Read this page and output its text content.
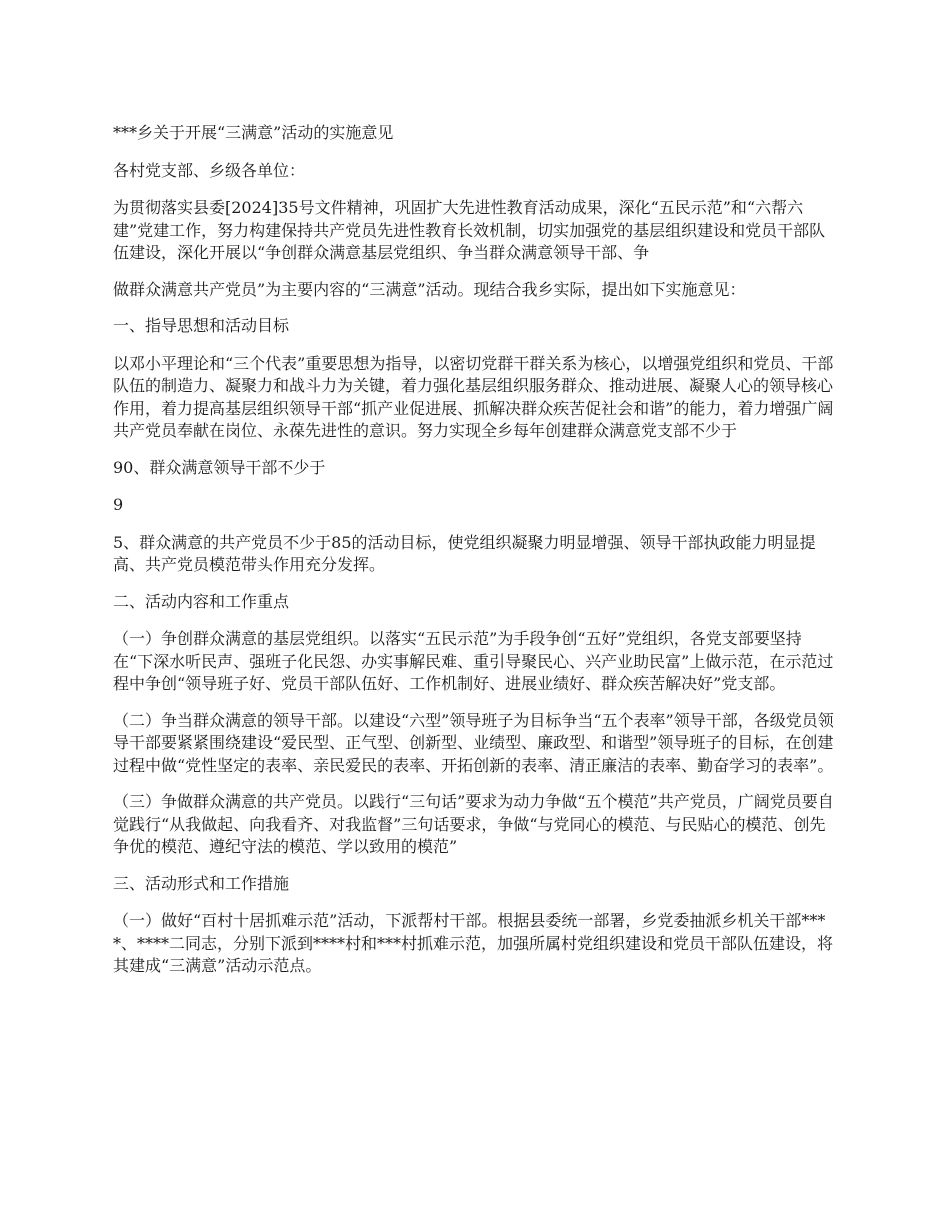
***乡关于开展“三满意”活动的实施意见

各村党支部、乡级各单位：

为贯彻落实县委[2024]35号文件精神，巩固扩大先进性教育活动成果，深化“五民示范”和“六帮六建”党建工作，努力构建保持共产党员先进性教育长效机制，切实加强党的基层组织建设和党员干部队伍建设，深化开展以“争创群众满意基层党组织、争当群众满意领导干部、争

做群众满意共产党员”为主要内容的“三满意”活动。现结合我乡实际，提出如下实施意见：

一、指导思想和活动目标

以邓小平理论和“三个代表”重要思想为指导，以密切党群干群关系为核心，以增强党组织和党员、干部队伍的制造力、凝聚力和战斗力为关键，着力强化基层组织服务群众、推动进展、凝聚人心的领导核心作用，着力提高基层组织领导干部“抓产业促进展、抓解决群众疾苦促社会和谐”的能力，着力增强广阔共产党员奉献在岗位、永葆先进性的意识。努力实现全乡每年创建群众满意党支部不少于

90、群众满意领导干部不少于

9

5、群众满意的共产党员不少于85的活动目标，使党组织凝聚力明显增强、领导干部执政能力明显提高、共产党员模范带头作用充分发挥。

二、活动内容和工作重点

（一）争创群众满意的基层党组织。以落实“五民示范”为手段争创“五好”党组织，各党支部要坚持在“下深水听民声、强班子化民怨、办实事解民难、重引导聚民心、兴产业助民富”上做示范，在示范过程中争创“领导班子好、党员干部队伍好、工作机制好、进展业绩好、群众疾苦解决好”党支部。

（二）争当群众满意的领导干部。以建设“六型”领导班子为目标争当“五个表率”领导干部，各级党员领导干部要紧紧围绕建设“爱民型、正气型、创新型、业绩型、廉政型、和谐型”领导班子的目标，在创建过程中做“党性坚定的表率、亲民爱民的表率、开拓创新的表率、清正廉洁的表率、勤奋学习的表率”。

（三）争做群众满意的共产党员。以践行“三句话”要求为动力争做“五个模范”共产党员，广阔党员要自觉践行“从我做起、向我看齐、对我监督”三句话要求，争做“与党同心的模范、与民贴心的模范、创先争优的模范、遵纪守法的模范、学以致用的模范”

三、活动形式和工作措施

（一）做好“百村十居抓难示范”活动，下派帮村干部。根据县委统一部署，乡党委抽派乡机关干部****、****二同志，分别下派到****村和***村抓难示范，加强所属村党组织建设和党员干部队伍建设，将其建成“三满意”活动示范点。
